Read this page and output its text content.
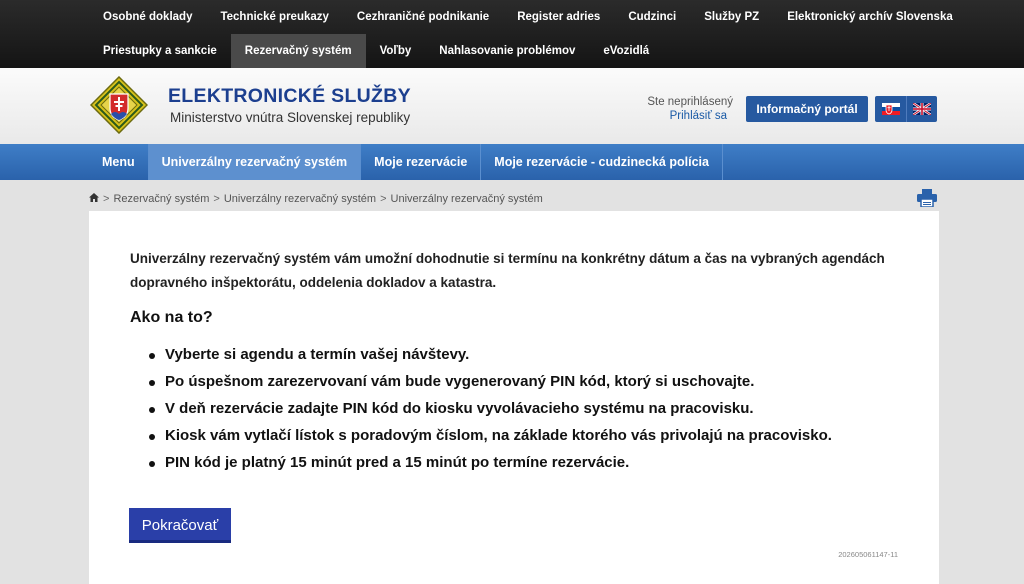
Osobné doklady	Technické preukazy	Cezhraničné podnikanie	Register adries	Cudzinci	Služby PZ	Elektronický archív Slovenska
Priestupky a sankcie	Rezervačný systém	Voľby	Nahlasovanie problémov	eVozidlá
ELEKTRONICKÉ SLUŽBY
Ministerstvo vnútra Slovenskej republiky
Ste neprihlásený
Prihlásiť sa	Informačný portál
Menu	Univerzálny rezervačný systém	Moje rezervácie	Moje rezervácie - cudzinecká polícia
> Rezervačný systém > Univerzálny rezervačný systém > Univerzálny rezervačný systém
Univerzálny rezervačný systém vám umožní dohodnutie si termínu na konkrétny dátum a čas na vybraných agendách dopravného inšpektorátu, oddelenia dokladov a katastra.
Ako na to?
Vyberte si agendu a termín vašej návštevy.
Po úspešnom zarezervovaní vám bude vygenerovaný PIN kód, ktorý si uschovajte.
V deň rezervácie zadajte PIN kód do kiosku vyvolávacieho systému na pracovisku.
Kiosk vám vytlačí lístok s poradovým číslom, na základe ktorého vás privolajú na pracovisko.
PIN kód je platný 15 minút pred a 15 minút po termíne rezervácie.
Pokračovať
202605061147-11
